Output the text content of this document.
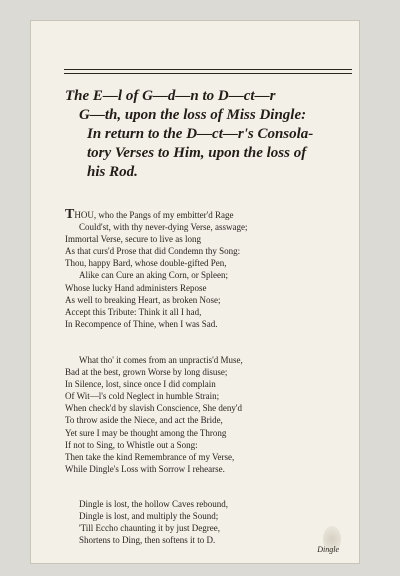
The E—l of G—d—n to D—ct—r
G—th, upon the loss of Miss Dingle:
In return to the D—ct—r's Consola-
tory Verses to Him, upon the loss of
his Rod.
THOU, who the Pangs of my embitter'd Rage
Could'st, with thy never-dying Verse, asswage;
Immortal Verse, secure to live as long
As that curs'd Prose that did Condemn thy Song:
Thou, happy Bard, whose double-gifted Pen,
Alike can Cure an aking Corn, or Spleen;
Whose lucky Hand administers Repose
As well to breaking Heart, as broken Nose;
Accept this Tribute: Think it all I had,
In Recompence of Thine, when I was Sad.
What tho' it comes from an unpractis'd Muse,
Bad at the best, grown Worse by long disuse;
In Silence, lost, since once I did complain
Of Wit—l's cold Neglect in humble Strain;
When check'd by slavish Conscience, She deny'd
To throw aside the Niece, and act the Bride,
Yet sure I may be thought among the Throng
If not to Sing, to Whistle out a Song:
Then take the kind Remembrance of my Verse,
While Dingle's Loss with Sorrow I rehearse.
Dingle is lost, the hollow Caves rebound,
Dingle is lost, and multiply the Sound;
'Till Eccho chaunting it by just Degree,
Shortens to Ding, then softens it to D.
Dingle
